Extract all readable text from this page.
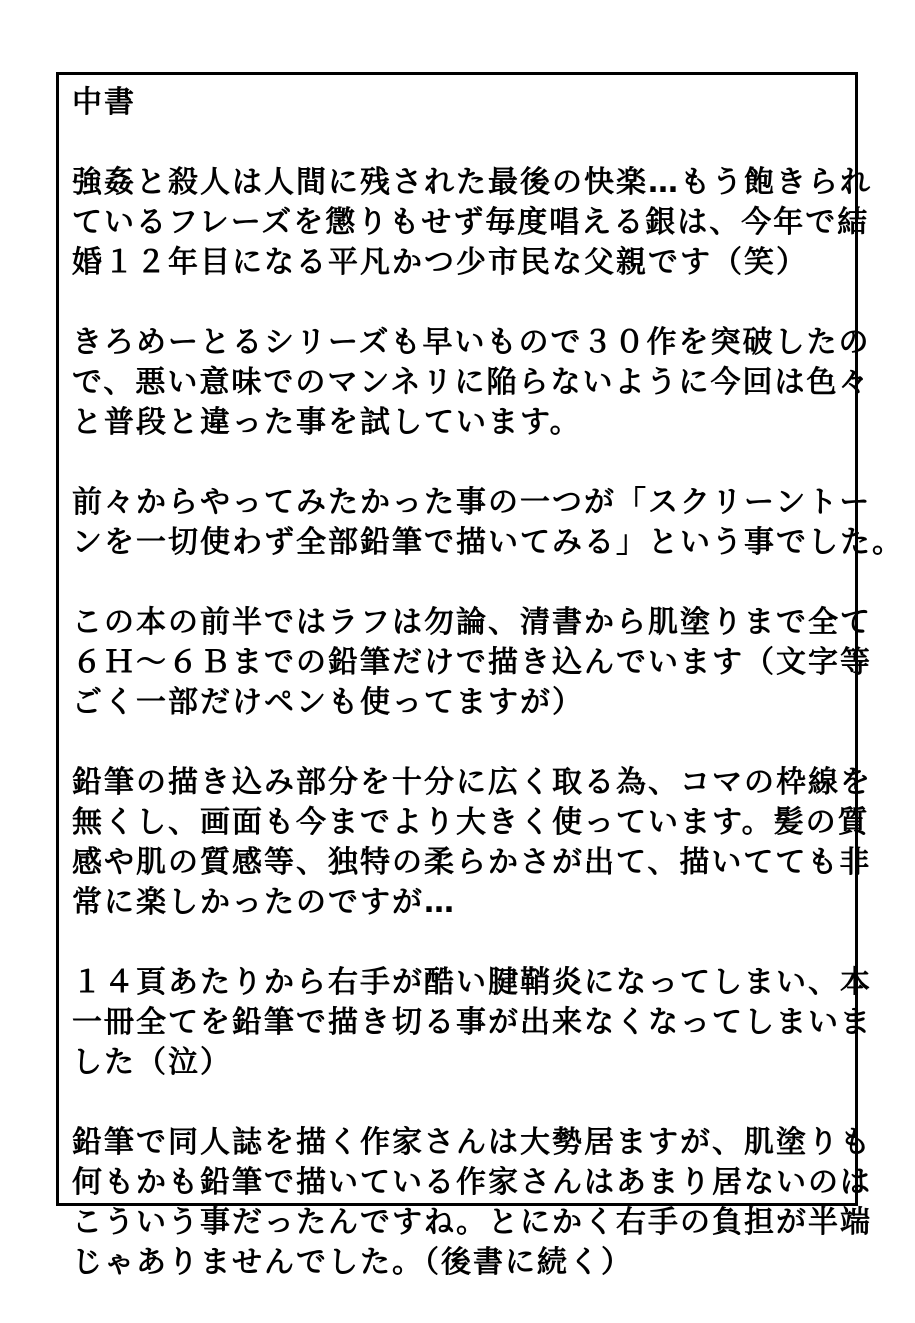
中書
強姦と殺人は人間に残された最後の快楽…もう飽きられ
ているフレーズを懲りもせず毎度唱える銀は、今年で結
婚１２年目になる平凡かつ少市民な父親です（笑）
きろめーとるシリーズも早いもので３０作を突破したの
で、悪い意味でのマンネリに陥らないように今回は色々
と普段と違った事を試しています。
前々からやってみたかった事の一つが「スクリーントー
ンを一切使わず全部鉛筆で描いてみる」という事でした。
この本の前半ではラフは勿論、清書から肌塗りまで全て
６Ｈ～６Ｂまでの鉛筆だけで描き込んでいます（文字等
ごく一部だけペンも使ってますが）
鉛筆の描き込み部分を十分に広く取る為、コマの枠線を
無くし、画面も今までより大きく使っています。髪の質
感や肌の質感等、独特の柔らかさが出て、描いてても非
常に楽しかったのですが…
１４頁あたりから右手が酷い腱鞘炎になってしまい、本
一冊全てを鉛筆で描き切る事が出来なくなってしまいま
した（泣）
鉛筆で同人誌を描く作家さんは大勢居ますが、肌塗りも
何もかも鉛筆で描いている作家さんはあまり居ないのは
こういう事だったんですね。とにかく右手の負担が半端
じゃありませんでした。（後書に続く）
